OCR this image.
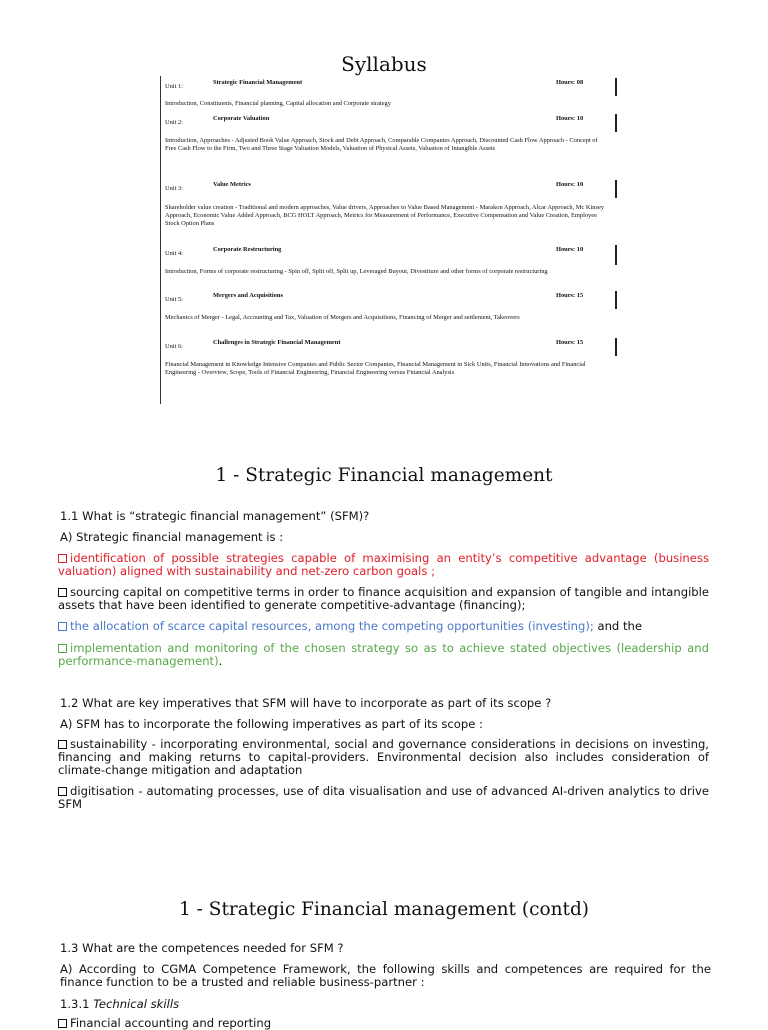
Syllabus
Unit 1:
Strategic Financial Management	Hours: 08
Introduction, Constituents, Financial planning, Capital allocation and Corporate strategy
Unit 2:
Corporate Valuation	Hours: 10
Introduction, Approaches - Adjusted Book Value Approach, Stock and Debt Approach, Comparable Companies Approach, Discounted Cash Flow Approach - Concept of Free Cash Flow to the Firm, Two and Three Stage Valuation Models, Valuation of Physical Assets, Valuation of Intangible Assets
Unit 3:
Value Metrics	Hours: 10
Shareholder value creation - Traditional and modern approaches, Value drivers, Approaches to Value Based Management - Marakon Approach, Alcar Approach, Mc Kinsey Approach, Economic Value Added Approach, BCG HOLT Approach, Metrics for Measurement of Performance, Executive Compensation and Value Creation, Employee Stock Option Plans
Unit 4:
Corporate Restructuring	Hours: 10
Introduction, Forms of corporate restructuring - Spin off, Split off, Split up, Leveraged Buyout, Divestiture and other forms of corporate restructuring
Unit 5:
Mergers and Acquisitions	Hours: 15
Mechanics of Merger - Legal, Accounting and Tax, Valuation of Mergers and Acquisitions, Financing of Merger and settlement, Takeovers
Unit 6:
Challenges in Strategic Financial Management	Hours: 15
Financial Management in Knowledge Intensive Companies and Public Sector Companies, Financial Management in Sick Units, Financial Innovations and Financial Engineering - Overview, Scope, Tools of Financial Engineering, Financial Engineering versus Financial Analysis
1 - Strategic Financial management
1.1 What is “strategic financial management” (SFM)?
A) Strategic financial management is :
identification of possible strategies capable of maximising an entity’s competitive advantage (business valuation) aligned with sustainability and net-zero carbon goals ;
sourcing capital on competitive terms in order to finance acquisition and expansion of tangible and intangible assets that have been identified to generate competitive-advantage (financing);
the allocation of scarce capital resources, among the competing opportunities (investing); and the
implementation and monitoring of the chosen strategy so as to achieve stated objectives (leadership and performance-management).
1.2 What are key imperatives that SFM will have to incorporate as part of its scope ?
A) SFM has to incorporate the following imperatives as part of its scope :
sustainability - incorporating environmental, social and governance considerations in decisions on investing, financing and making returns to capital-providers. Environmental decision also includes consideration of climate-change mitigation and adaptation
digitisation - automating processes, use of dita visualisation and use of advanced AI-driven analytics to drive SFM
1 - Strategic Financial management (contd)
1.3 What are the competences needed for SFM ?
A) According to CGMA Competence Framework, the following skills and competences are required for the finance function to be a trusted and reliable business-partner :
1.3.1 Technical skills
Financial accounting and reporting
